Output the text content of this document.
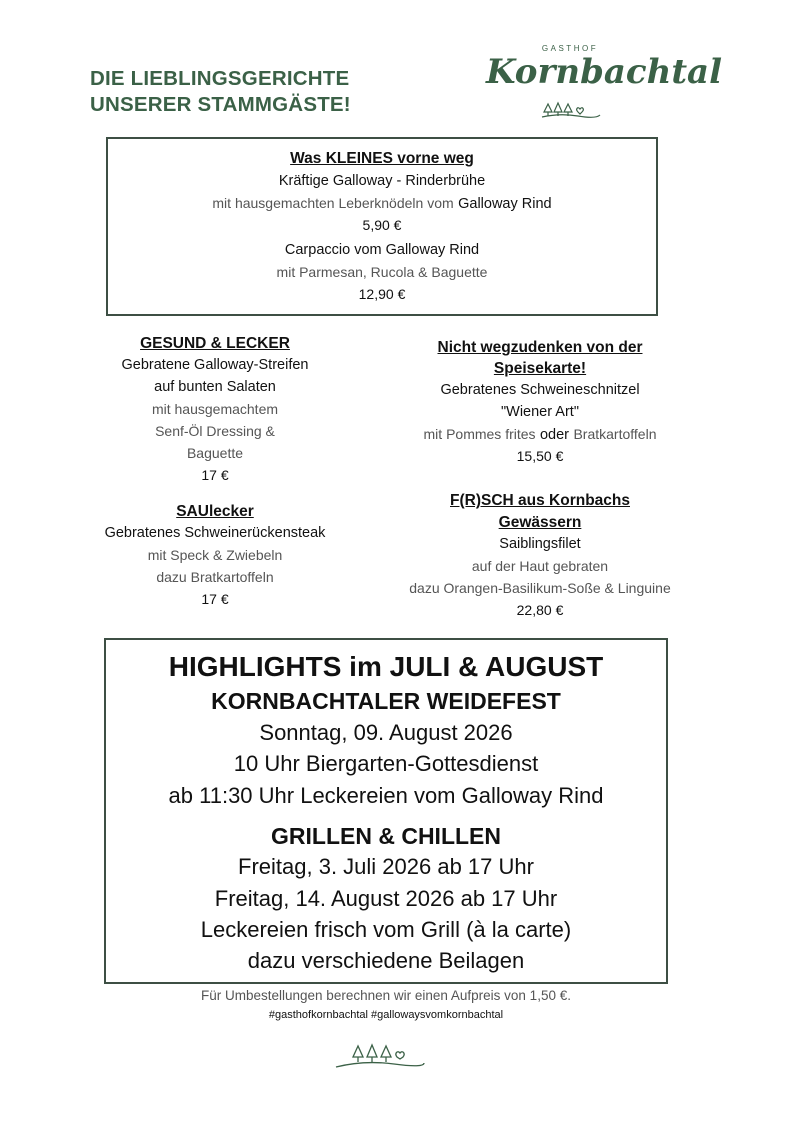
DIE LIEBLINGSGERICHTE
UNSERER STAMMGÄSTE!
GASTHOF
Kornbachtal
Was KLEINES vorne weg
Kräftige Galloway - Rinderbrühe
mit hausgemachten Leberknödeln vom Galloway Rind
5,90 €
Carpaccio vom Galloway Rind
mit Parmesan, Rucola & Baguette
12,90 €
GESUND & LECKER
Gebratene Galloway-Streifen
auf bunten Salaten
mit hausgemachtem
Senf-Öl Dressing &
Baguette
17 €
SAUlecker
Gebratenes Schweinerückensteak
mit Speck & Zwiebeln
dazu Bratkartoffeln
17 €
Nicht wegzudenken von der
Speisekarte!
Gebratenes Schweineschnitzel
"Wiener Art"
mit Pommes frites oder Bratkartoffeln
15,50 €
F(R)SCH aus Kornbachs
Gewässern
Saiblingsfilet
auf der Haut gebraten
dazu Orangen-Basilikum-Soße & Linguine
22,80 €
HIGHLIGHTS im JULI & AUGUST
KORNBACHTALER WEIDEFEST
Sonntag, 09. August 2026
10 Uhr Biergarten-Gottesdienst
ab 11:30 Uhr Leckereien vom Galloway Rind
GRILLEN & CHILLEN
Freitag, 3. Juli 2026 ab 17 Uhr
Freitag, 14. August 2026 ab 17 Uhr
Leckereien frisch vom Grill (à la carte)
dazu verschiedene Beilagen
Für Umbestellungen berechnen wir einen Aufpreis von 1,50 €.
#gasthofkornbachtal #gallowaysvomkornbachtal
